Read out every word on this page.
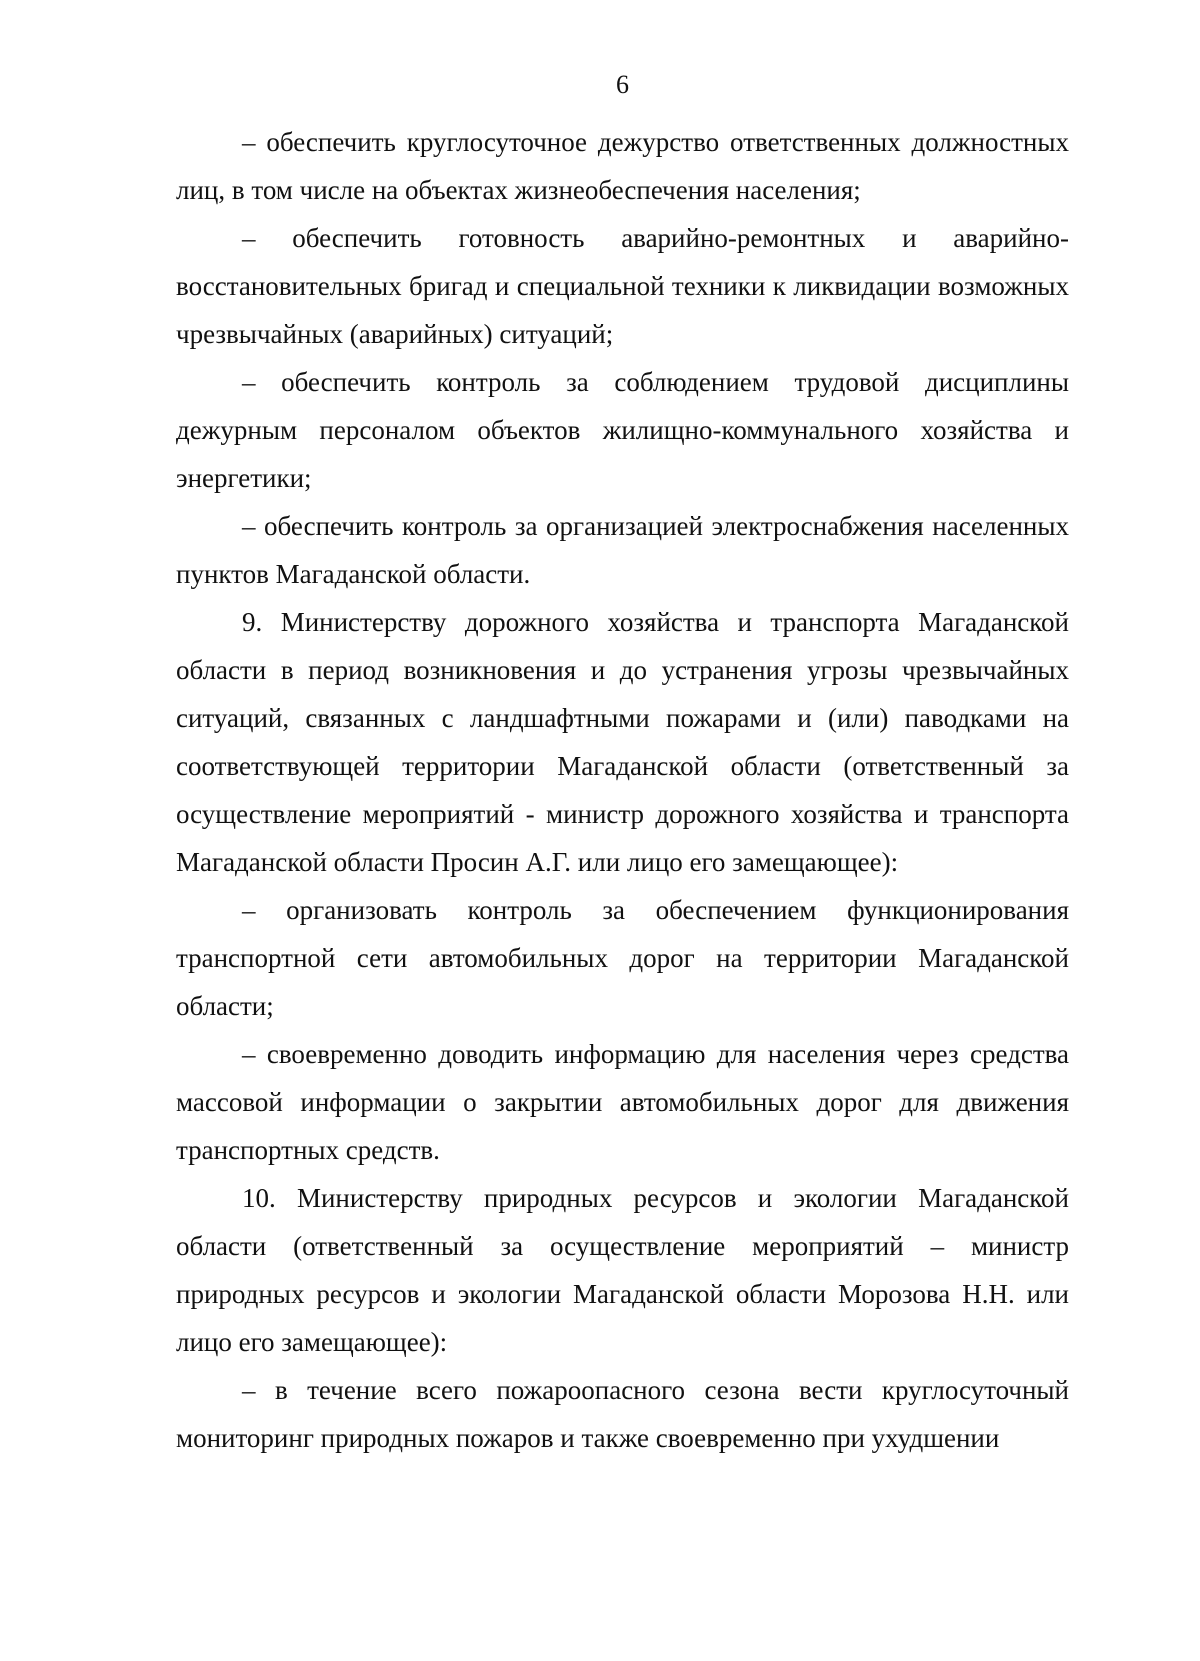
6

– обеспечить круглосуточное дежурство ответственных должностных лиц, в том числе на объектах жизнеобеспечения населения;

– обеспечить готовность аварийно-ремонтных и аварийно-восстановительных бригад и специальной техники к ликвидации возможных чрезвычайных (аварийных) ситуаций;

– обеспечить контроль за соблюдением трудовой дисциплины дежурным персоналом объектов жилищно-коммунального хозяйства и энергетики;

– обеспечить контроль за организацией электроснабжения населенных пунктов Магаданской области.

9. Министерству дорожного хозяйства и транспорта Магаданской области в период возникновения и до устранения угрозы чрезвычайных ситуаций, связанных с ландшафтными пожарами и (или) паводками на соответствующей территории Магаданской области (ответственный за осуществление мероприятий - министр дорожного хозяйства и транспорта Магаданской области Просин А.Г. или лицо его замещающее):

– организовать контроль за обеспечением функционирования транспортной сети автомобильных дорог на территории Магаданской области;

– своевременно доводить информацию для населения через средства массовой информации о закрытии автомобильных дорог для движения транспортных средств.

10. Министерству природных ресурсов и экологии Магаданской области (ответственный за осуществление мероприятий – министр природных ресурсов и экологии Магаданской области Морозова Н.Н. или лицо его замещающее):

– в течение всего пожароопасного сезона вести круглосуточный мониторинг природных пожаров и также своевременно при ухудшении
